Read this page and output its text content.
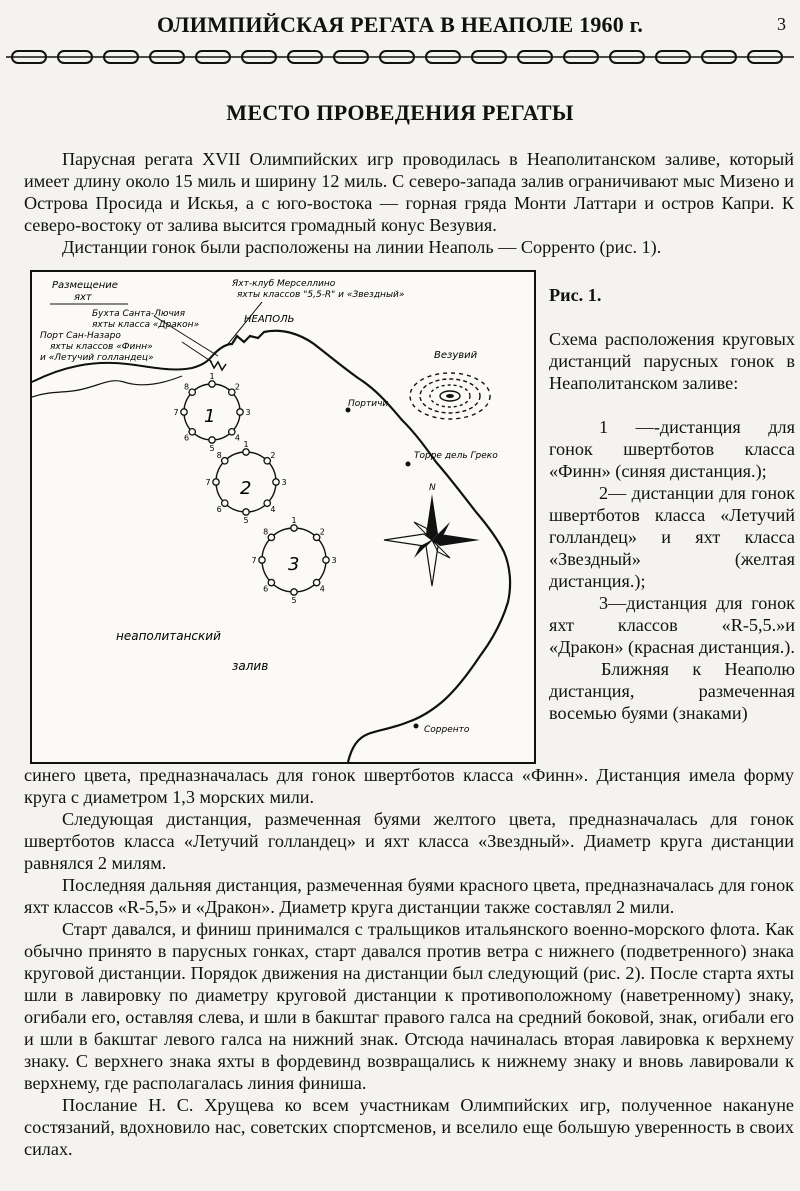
ОЛИМПИЙСКАЯ РЕГАТА В НЕАПОЛЕ 1960 г.	3
МЕСТО ПРОВЕДЕНИЯ РЕГАТЫ

Парусная регата XVII Олимпийских игр проводилась в Неаполитанском заливе, который имеет длину около 15 миль и ширину 12 миль. С северо-запада залив ограничивают мыс Мизено и Острова Просида и Искья, а с юго-востока — горная гряда Монти Латтари и остров Капри. К северо-востоку от залива высится громадный конус Везувия.

Дистанции гонок были расположены на линии Неаполь — Сорренто (рис. 1).

Размещение
яхт
Бухта Санта-Лючия
яхты класса «Дракон»
Порт Сан-Назаро
яхты классов «Финн»
и «Летучий голландец»
Яхт-клуб Мерселлино
яхты классов "5,5-R" и «Звездный»
НЕАПОЛЬ
Везувий
Портичи
Торре дель Греко
Сорренто
неаполитанский
залив
N
1
2
3
4
5
6
7
8
1
2
3
4
5
6
7
8
1
2
3
4
5
6
7
8
1
2
3
Рис. 1.
Схема расположения круговых дистанций парусных гонок в Неаполитанском заливе:
1 —-дистанция для гонок швертботов класса «Финн» (синяя дистанция.);
2— дистанции для гонок швертботов класса «Летучий голландец» и яхт класса «Звездный» (желтая дистанция.);
3—дистанция для гонок яхт классов «R-5,5.»и «Дракон» (красная дистанция.).
Ближняя к Неаполю дистанция, размеченная восемью буями (знаками)

синего цвета, предназначалась для гонок швертботов класса «Финн». Дистанция имела форму круга с диаметром 1,3 морских мили.

Следующая дистанция, размеченная буями желтого цвета, предназначалась для гонок швертботов класса «Летучий голландец» и яхт класса «Звездный». Диаметр круга дистанции равнялся 2 милям.

Последняя дальняя дистанция, размеченная буями красного цвета, предназначалась для гонок яхт классов «R-5,5» и «Дракон». Диаметр круга дистанции также составлял 2 мили.

Старт давался, и финиш принимался с тральщиков итальянского военно-морского флота. Как обычно принято в парусных гонках, старт давался против ветра с нижнего (подветренного) знака круговой дистанции. Порядок движения на дистанции был следующий (рис. 2). После старта яхты шли в лавировку по диаметру круговой дистанции к противоположному (наветренному) знаку, огибали его, оставляя слева, и шли в бакштаг правого галса на средний боковой, знак, огибали его и шли в бакштаг левого галса на нижний знак. Отсюда начиналась вторая лавировка к верхнему знаку. С верхнего знака яхты в фордевинд возвращались к нижнему знаку и вновь лавировали к верхнему, где располагалась линия финиша.

Послание Н. С. Хрущева ко всем участникам Олимпийских игр, полученное накануне состязаний, вдохновило нас, советских спортсменов, и вселило еще большую уверенность в своих силах.
